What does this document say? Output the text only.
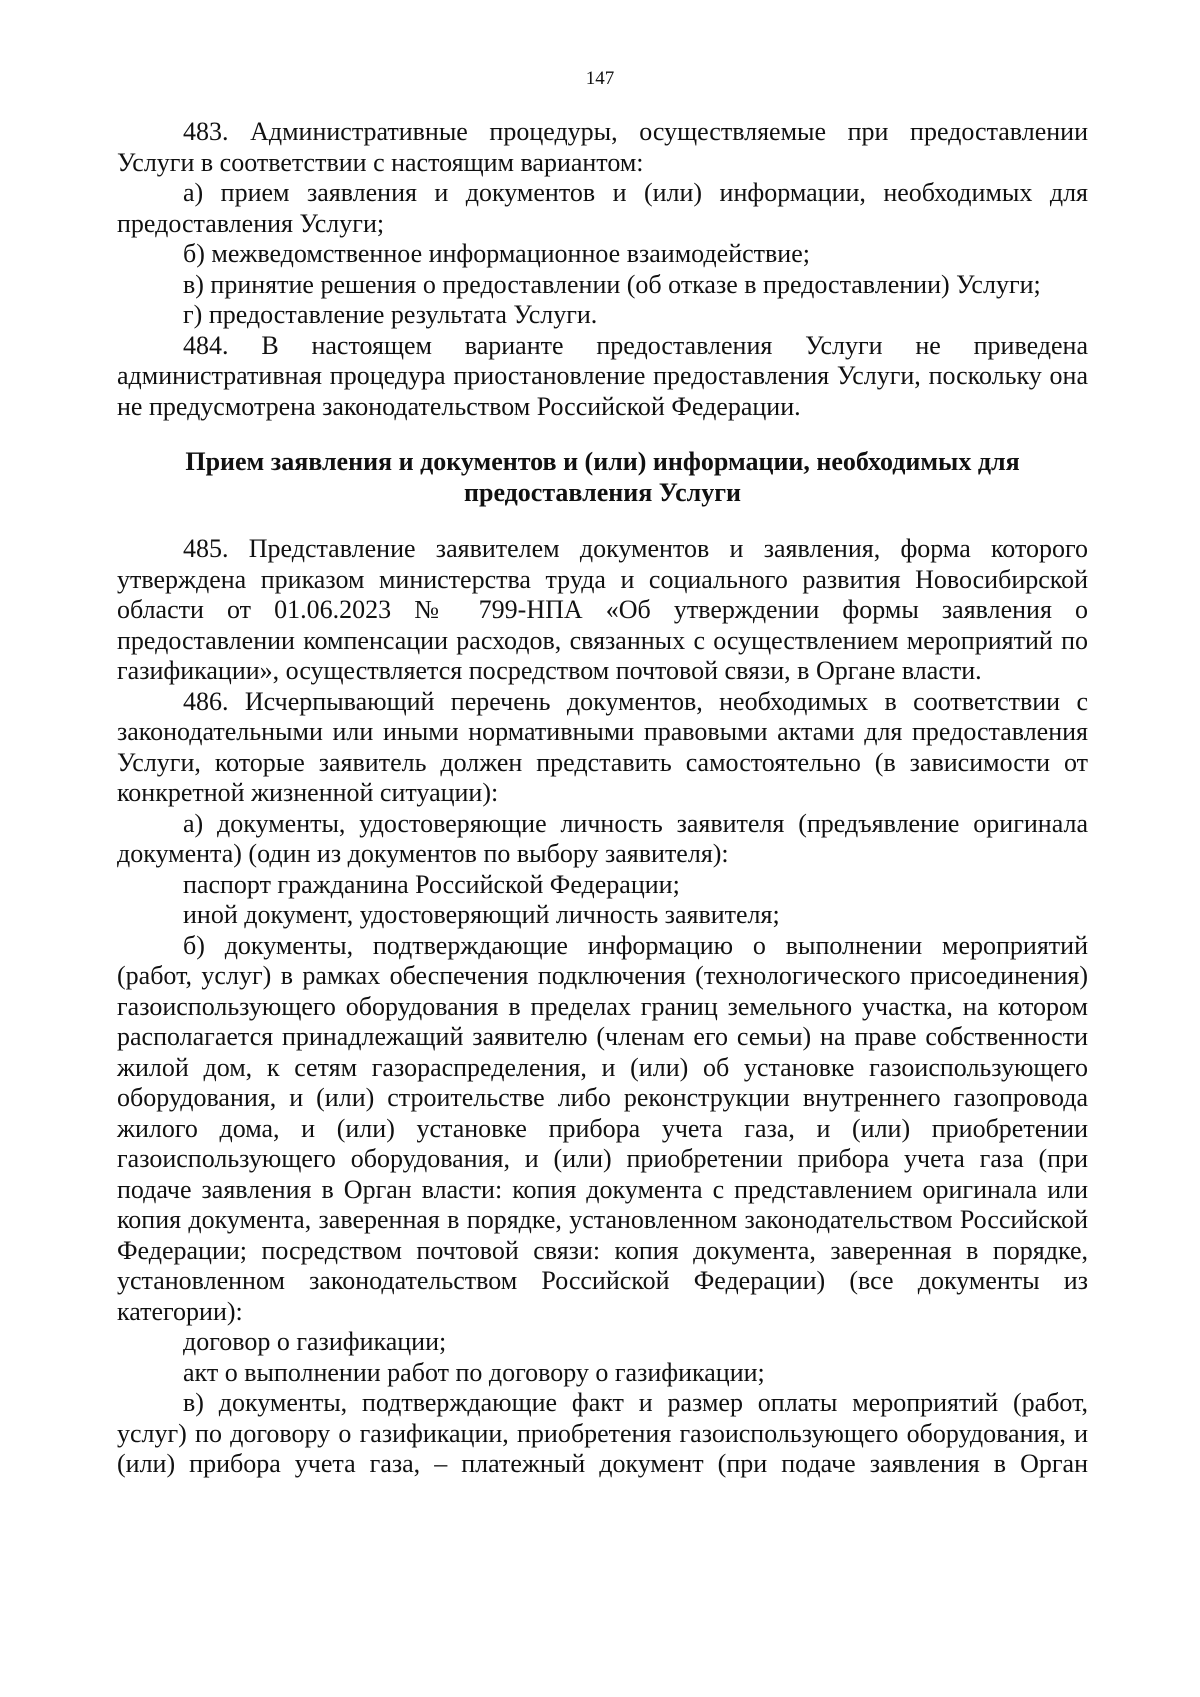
147

483. Административные процедуры, осуществляемые при предоставлении Услуги в соответствии с настоящим вариантом:

а) прием заявления и документов и (или) информации, необходимых для предоставления Услуги;

б) межведомственное информационное взаимодействие;

в) принятие решения о предоставлении (об отказе в предоставлении) Услуги;

г) предоставление результата Услуги.

484. В настоящем варианте предоставления Услуги не приведена административная процедура приостановление предоставления Услуги, поскольку она не предусмотрена законодательством Российской Федерации.

Прием заявления и документов и (или) информации, необходимых для предоставления Услуги

485. Представление заявителем документов и заявления, форма которого утверждена приказом министерства труда и социального развития Новосибирской области от 01.06.2023 № 799-НПА «Об утверждении формы заявления о предоставлении компенсации расходов, связанных с осуществлением мероприятий по газификации», осуществляется посредством почтовой связи, в Органе власти.

486. Исчерпывающий перечень документов, необходимых в соответствии с законодательными или иными нормативными правовыми актами для предоставления Услуги, которые заявитель должен представить самостоятельно (в зависимости от конкретной жизненной ситуации):

а) документы, удостоверяющие личность заявителя (предъявление оригинала документа) (один из документов по выбору заявителя):

паспорт гражданина Российской Федерации;

иной документ, удостоверяющий личность заявителя;

б) документы, подтверждающие информацию о выполнении мероприятий (работ, услуг) в рамках обеспечения подключения (технологического присоединения) газоиспользующего оборудования в пределах границ земельного участка, на котором располагается принадлежащий заявителю (членам его семьи) на праве собственности жилой дом, к сетям газораспределения, и (или) об установке газоиспользующего оборудования, и (или) строительстве либо реконструкции внутреннего газопровода жилого дома, и (или) установке прибора учета газа, и (или) приобретении газоиспользующего оборудования, и (или) приобретении прибора учета газа (при подаче заявления в Орган власти: копия документа с представлением оригинала или копия документа, заверенная в порядке, установленном законодательством Российской Федерации; посредством почтовой связи: копия документа, заверенная в порядке, установленном законодательством Российской Федерации) (все документы из категории):

договор о газификации;

акт о выполнении работ по договору о газификации;

в) документы, подтверждающие факт и размер оплаты мероприятий (работ, услуг) по договору о газификации, приобретения газоиспользующего оборудования, и (или) прибора учета газа, – платежный документ (при подаче заявления в Орган
